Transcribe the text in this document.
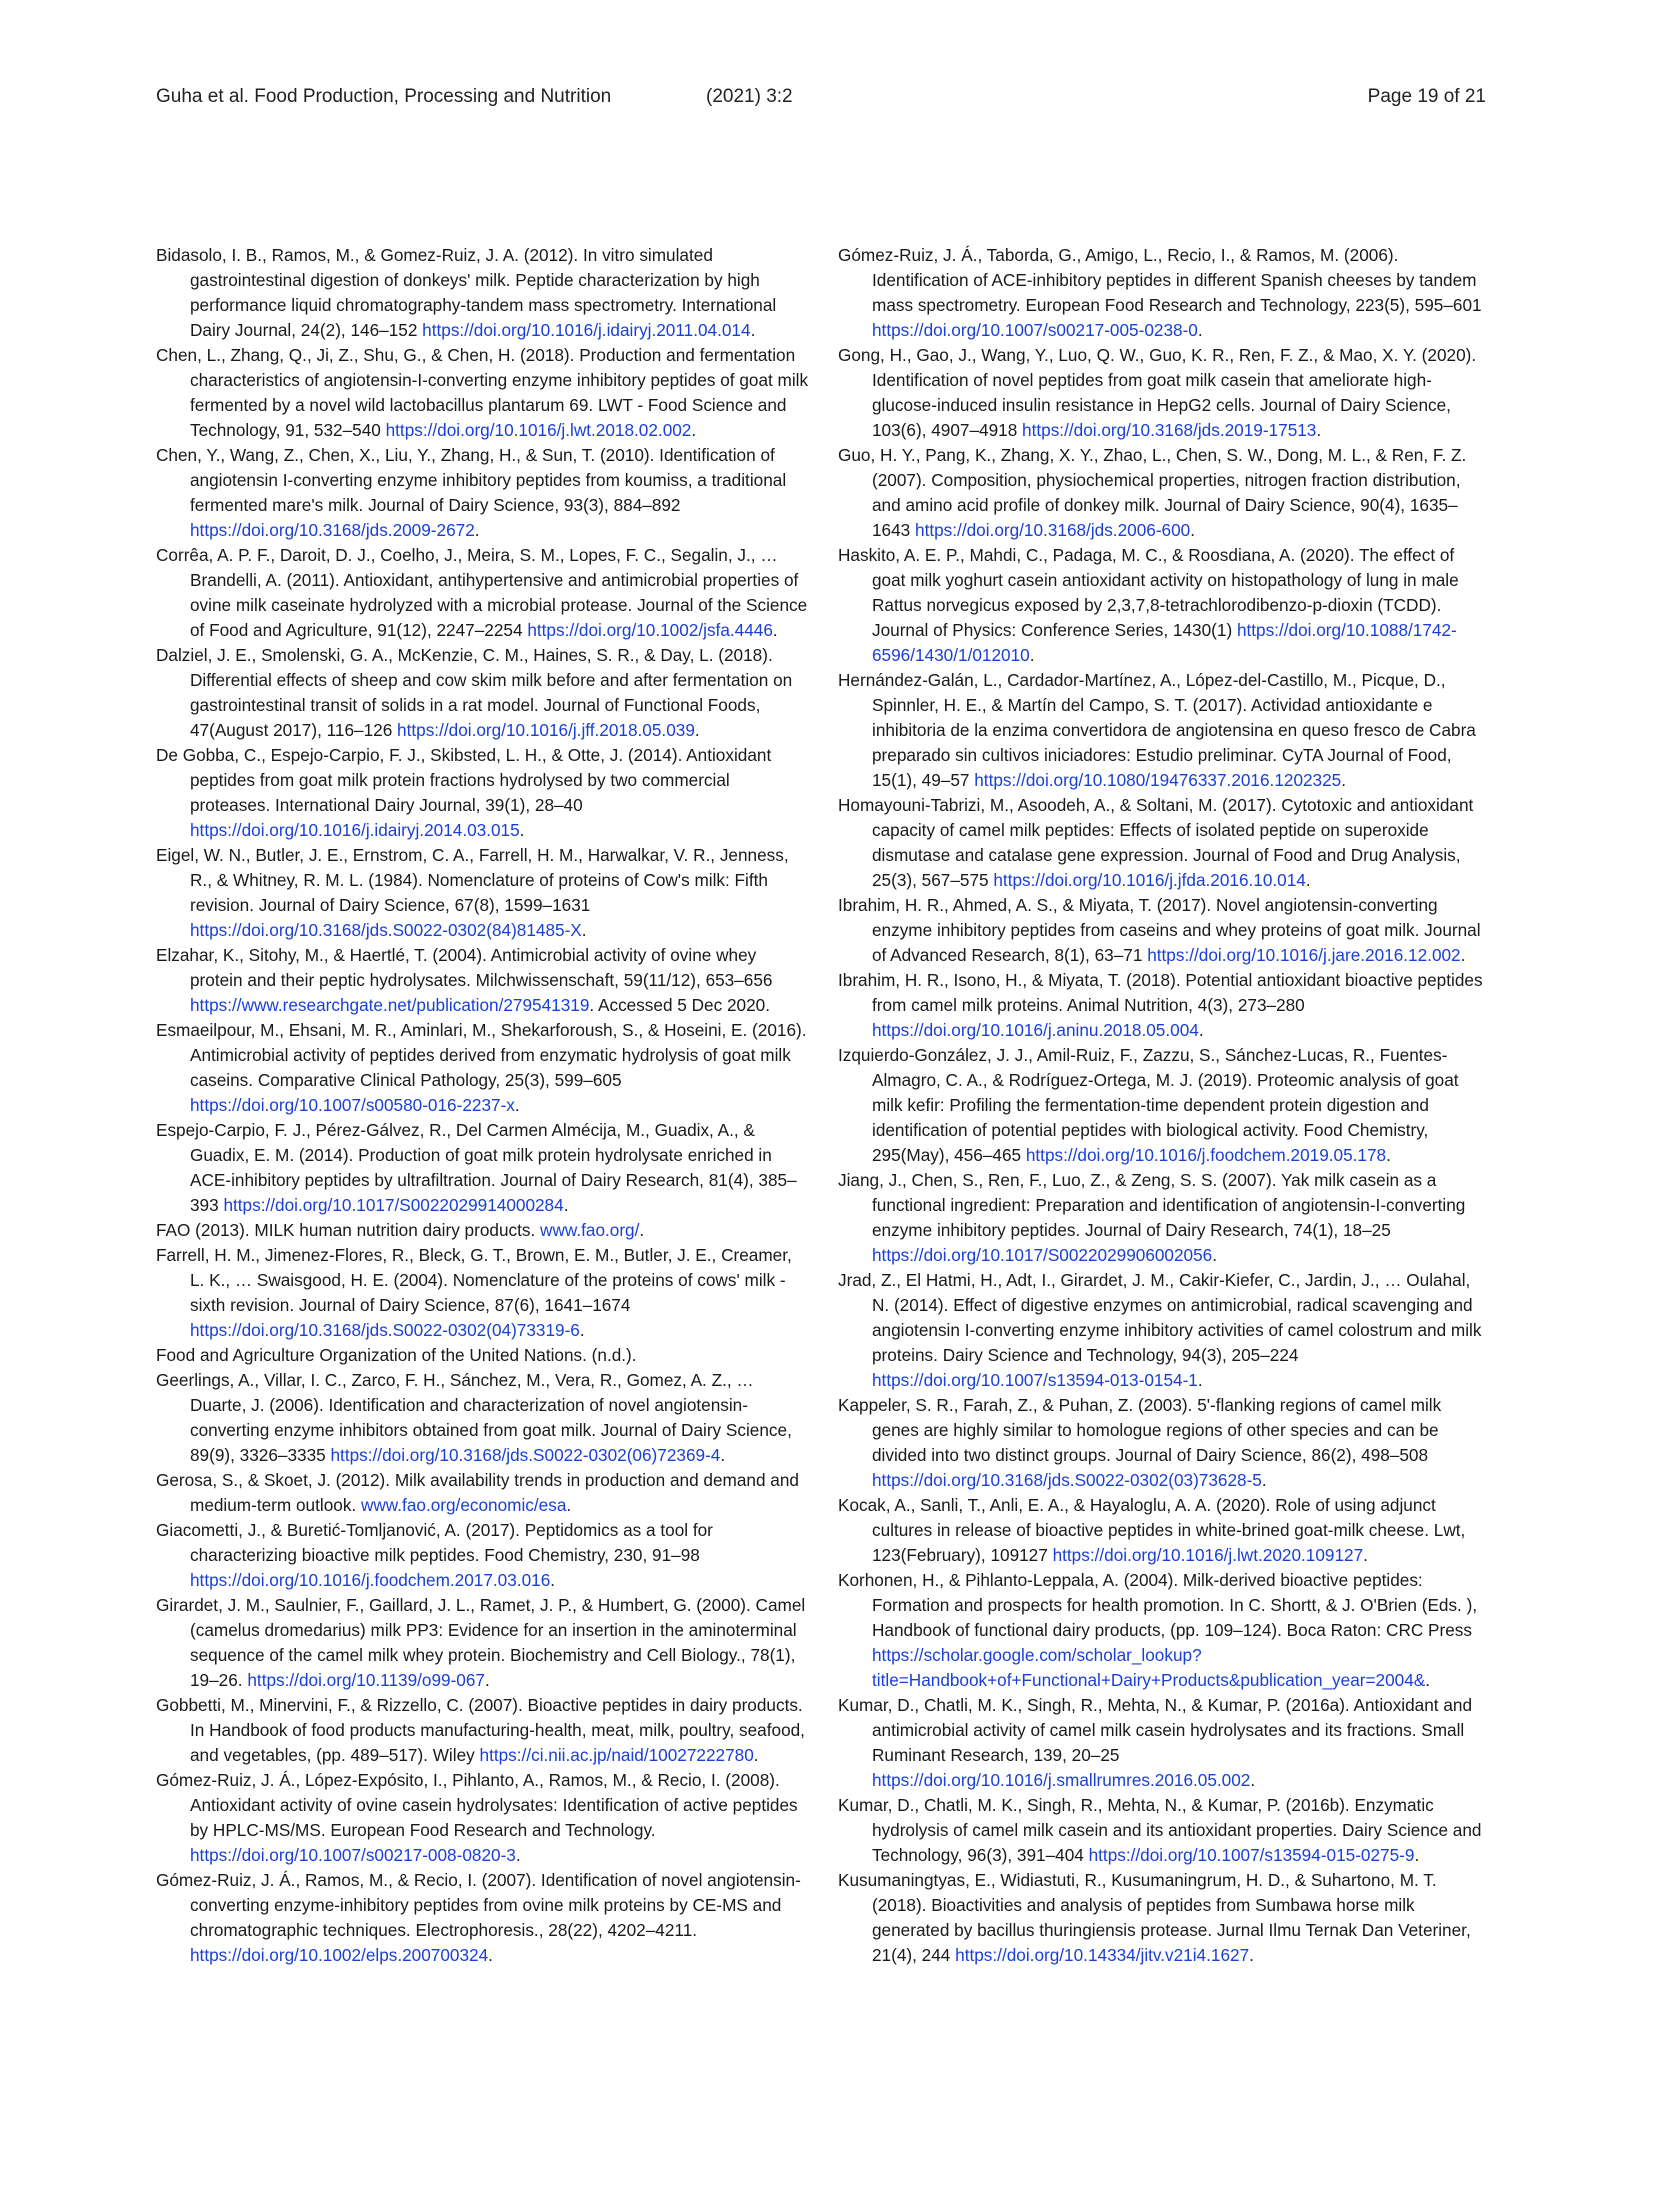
Guha et al. Food Production, Processing and Nutrition	(2021) 3:2	Page 19 of 21

Bidasolo, I. B., Ramos, M., & Gomez-Ruiz, J. A. (2012). In vitro simulated gastrointestinal digestion of donkeys' milk. Peptide characterization by high performance liquid chromatography-tandem mass spectrometry. International Dairy Journal, 24(2), 146–152 https://doi.org/10.1016/j.idairyj.2011.04.014.

Chen, L., Zhang, Q., Ji, Z., Shu, G., & Chen, H. (2018). Production and fermentation characteristics of angiotensin-I-converting enzyme inhibitory peptides of goat milk fermented by a novel wild lactobacillus plantarum 69. LWT - Food Science and Technology, 91, 532–540 https://doi.org/10.1016/j.lwt.2018.02.002.

Chen, Y., Wang, Z., Chen, X., Liu, Y., Zhang, H., & Sun, T. (2010). Identification of angiotensin I-converting enzyme inhibitory peptides from koumiss, a traditional fermented mare's milk. Journal of Dairy Science, 93(3), 884–892 https://doi.org/10.3168/jds.2009-2672.

Corrêa, A. P. F., Daroit, D. J., Coelho, J., Meira, S. M., Lopes, F. C., Segalin, J., … Brandelli, A. (2011). Antioxidant, antihypertensive and antimicrobial properties of ovine milk caseinate hydrolyzed with a microbial protease. Journal of the Science of Food and Agriculture, 91(12), 2247–2254 https://doi.org/10.1002/jsfa.4446.

Dalziel, J. E., Smolenski, G. A., McKenzie, C. M., Haines, S. R., & Day, L. (2018). Differential effects of sheep and cow skim milk before and after fermentation on gastrointestinal transit of solids in a rat model. Journal of Functional Foods, 47(August 2017), 116–126 https://doi.org/10.1016/j.jff.2018.05.039.

De Gobba, C., Espejo-Carpio, F. J., Skibsted, L. H., & Otte, J. (2014). Antioxidant peptides from goat milk protein fractions hydrolysed by two commercial proteases. International Dairy Journal, 39(1), 28–40 https://doi.org/10.1016/j.idairyj.2014.03.015.

Eigel, W. N., Butler, J. E., Ernstrom, C. A., Farrell, H. M., Harwalkar, V. R., Jenness, R., & Whitney, R. M. L. (1984). Nomenclature of proteins of Cow's milk: Fifth revision. Journal of Dairy Science, 67(8), 1599–1631 https://doi.org/10.3168/jds.S0022-0302(84)81485-X.

Elzahar, K., Sitohy, M., & Haertlé, T. (2004). Antimicrobial activity of ovine whey protein and their peptic hydrolysates. Milchwissenschaft, 59(11/12), 653–656 https://www.researchgate.net/publication/279541319. Accessed 5 Dec 2020.

Esmaeilpour, M., Ehsani, M. R., Aminlari, M., Shekarforoush, S., & Hoseini, E. (2016). Antimicrobial activity of peptides derived from enzymatic hydrolysis of goat milk caseins. Comparative Clinical Pathology, 25(3), 599–605 https://doi.org/10.1007/s00580-016-2237-x.

Espejo-Carpio, F. J., Pérez-Gálvez, R., Del Carmen Almécija, M., Guadix, A., & Guadix, E. M. (2014). Production of goat milk protein hydrolysate enriched in ACE-inhibitory peptides by ultrafiltration. Journal of Dairy Research, 81(4), 385–393 https://doi.org/10.1017/S0022029914000284.

FAO (2013). MILK human nutrition dairy products. www.fao.org/.

Farrell, H. M., Jimenez-Flores, R., Bleck, G. T., Brown, E. M., Butler, J. E., Creamer, L. K., … Swaisgood, H. E. (2004). Nomenclature of the proteins of cows' milk - sixth revision. Journal of Dairy Science, 87(6), 1641–1674 https://doi.org/10.3168/jds.S0022-0302(04)73319-6.

Food and Agriculture Organization of the United Nations. (n.d.).

Geerlings, A., Villar, I. C., Zarco, F. H., Sánchez, M., Vera, R., Gomez, A. Z., … Duarte, J. (2006). Identification and characterization of novel angiotensin-converting enzyme inhibitors obtained from goat milk. Journal of Dairy Science, 89(9), 3326–3335 https://doi.org/10.3168/jds.S0022-0302(06)72369-4.

Gerosa, S., & Skoet, J. (2012). Milk availability trends in production and demand and medium-term outlook. www.fao.org/economic/esa.

Giacometti, J., & Buretić-Tomljanović, A. (2017). Peptidomics as a tool for characterizing bioactive milk peptides. Food Chemistry, 230, 91–98 https://doi.org/10.1016/j.foodchem.2017.03.016.

Girardet, J. M., Saulnier, F., Gaillard, J. L., Ramet, J. P., & Humbert, G. (2000). Camel (camelus dromedarius) milk PP3: Evidence for an insertion in the aminoterminal sequence of the camel milk whey protein. Biochemistry and Cell Biology., 78(1), 19–26. https://doi.org/10.1139/o99-067.

Gobbetti, M., Minervini, F., & Rizzello, C. (2007). Bioactive peptides in dairy products. In Handbook of food products manufacturing-health, meat, milk, poultry, seafood, and vegetables, (pp. 489–517). Wiley https://ci.nii.ac.jp/naid/10027222780.

Gómez-Ruiz, J. Á., López-Expósito, I., Pihlanto, A., Ramos, M., & Recio, I. (2008). Antioxidant activity of ovine casein hydrolysates: Identification of active peptides by HPLC-MS/MS. European Food Research and Technology. https://doi.org/10.1007/s00217-008-0820-3.

Gómez-Ruiz, J. Á., Ramos, M., & Recio, I. (2007). Identification of novel angiotensin-converting enzyme-inhibitory peptides from ovine milk proteins by CE-MS and chromatographic techniques. Electrophoresis., 28(22), 4202–4211. https://doi.org/10.1002/elps.200700324.

Gómez-Ruiz, J. Á., Taborda, G., Amigo, L., Recio, I., & Ramos, M. (2006). Identification of ACE-inhibitory peptides in different Spanish cheeses by tandem mass spectrometry. European Food Research and Technology, 223(5), 595–601 https://doi.org/10.1007/s00217-005-0238-0.

Gong, H., Gao, J., Wang, Y., Luo, Q. W., Guo, K. R., Ren, F. Z., & Mao, X. Y. (2020). Identification of novel peptides from goat milk casein that ameliorate high-glucose-induced insulin resistance in HepG2 cells. Journal of Dairy Science, 103(6), 4907–4918 https://doi.org/10.3168/jds.2019-17513.

Guo, H. Y., Pang, K., Zhang, X. Y., Zhao, L., Chen, S. W., Dong, M. L., & Ren, F. Z. (2007). Composition, physiochemical properties, nitrogen fraction distribution, and amino acid profile of donkey milk. Journal of Dairy Science, 90(4), 1635–1643 https://doi.org/10.3168/jds.2006-600.

Haskito, A. E. P., Mahdi, C., Padaga, M. C., & Roosdiana, A. (2020). The effect of goat milk yoghurt casein antioxidant activity on histopathology of lung in male Rattus norvegicus exposed by 2,3,7,8-tetrachlorodibenzo-p-dioxin (TCDD). Journal of Physics: Conference Series, 1430(1) https://doi.org/10.1088/1742-6596/1430/1/012010.

Hernández-Galán, L., Cardador-Martínez, A., López-del-Castillo, M., Picque, D., Spinnler, H. E., & Martín del Campo, S. T. (2017). Actividad antioxidante e inhibitoria de la enzima convertidora de angiotensina en queso fresco de Cabra preparado sin cultivos iniciadores: Estudio preliminar. CyTA Journal of Food, 15(1), 49–57 https://doi.org/10.1080/19476337.2016.1202325.

Homayouni-Tabrizi, M., Asoodeh, A., & Soltani, M. (2017). Cytotoxic and antioxidant capacity of camel milk peptides: Effects of isolated peptide on superoxide dismutase and catalase gene expression. Journal of Food and Drug Analysis, 25(3), 567–575 https://doi.org/10.1016/j.jfda.2016.10.014.

Ibrahim, H. R., Ahmed, A. S., & Miyata, T. (2017). Novel angiotensin-converting enzyme inhibitory peptides from caseins and whey proteins of goat milk. Journal of Advanced Research, 8(1), 63–71 https://doi.org/10.1016/j.jare.2016.12.002.

Ibrahim, H. R., Isono, H., & Miyata, T. (2018). Potential antioxidant bioactive peptides from camel milk proteins. Animal Nutrition, 4(3), 273–280 https://doi.org/10.1016/j.aninu.2018.05.004.

Izquierdo-González, J. J., Amil-Ruiz, F., Zazzu, S., Sánchez-Lucas, R., Fuentes-Almagro, C. A., & Rodríguez-Ortega, M. J. (2019). Proteomic analysis of goat milk kefir: Profiling the fermentation-time dependent protein digestion and identification of potential peptides with biological activity. Food Chemistry, 295(May), 456–465 https://doi.org/10.1016/j.foodchem.2019.05.178.

Jiang, J., Chen, S., Ren, F., Luo, Z., & Zeng, S. S. (2007). Yak milk casein as a functional ingredient: Preparation and identification of angiotensin-I-converting enzyme inhibitory peptides. Journal of Dairy Research, 74(1), 18–25 https://doi.org/10.1017/S0022029906002056.

Jrad, Z., El Hatmi, H., Adt, I., Girardet, J. M., Cakir-Kiefer, C., Jardin, J., … Oulahal, N. (2014). Effect of digestive enzymes on antimicrobial, radical scavenging and angiotensin I-converting enzyme inhibitory activities of camel colostrum and milk proteins. Dairy Science and Technology, 94(3), 205–224 https://doi.org/10.1007/s13594-013-0154-1.

Kappeler, S. R., Farah, Z., & Puhan, Z. (2003). 5'-flanking regions of camel milk genes are highly similar to homologue regions of other species and can be divided into two distinct groups. Journal of Dairy Science, 86(2), 498–508 https://doi.org/10.3168/jds.S0022-0302(03)73628-5.

Kocak, A., Sanli, T., Anli, E. A., & Hayaloglu, A. A. (2020). Role of using adjunct cultures in release of bioactive peptides in white-brined goat-milk cheese. Lwt, 123(February), 109127 https://doi.org/10.1016/j.lwt.2020.109127.

Korhonen, H., & Pihlanto-Leppala, A. (2004). Milk-derived bioactive peptides: Formation and prospects for health promotion. In C. Shortt, & J. O'Brien (Eds. ), Handbook of functional dairy products, (pp. 109–124). Boca Raton: CRC Press https://scholar.google.com/scholar_lookup?title=Handbook+of+Functional+Dairy+Products&publication_year=2004&.

Kumar, D., Chatli, M. K., Singh, R., Mehta, N., & Kumar, P. (2016a). Antioxidant and antimicrobial activity of camel milk casein hydrolysates and its fractions. Small Ruminant Research, 139, 20–25 https://doi.org/10.1016/j.smallrumres.2016.05.002.

Kumar, D., Chatli, M. K., Singh, R., Mehta, N., & Kumar, P. (2016b). Enzymatic hydrolysis of camel milk casein and its antioxidant properties. Dairy Science and Technology, 96(3), 391–404 https://doi.org/10.1007/s13594-015-0275-9.

Kusumaningtyas, E., Widiastuti, R., Kusumaningrum, H. D., & Suhartono, M. T. (2018). Bioactivities and analysis of peptides from Sumbawa horse milk generated by bacillus thuringiensis protease. Jurnal Ilmu Ternak Dan Veteriner, 21(4), 244 https://doi.org/10.14334/jitv.v21i4.1627.
